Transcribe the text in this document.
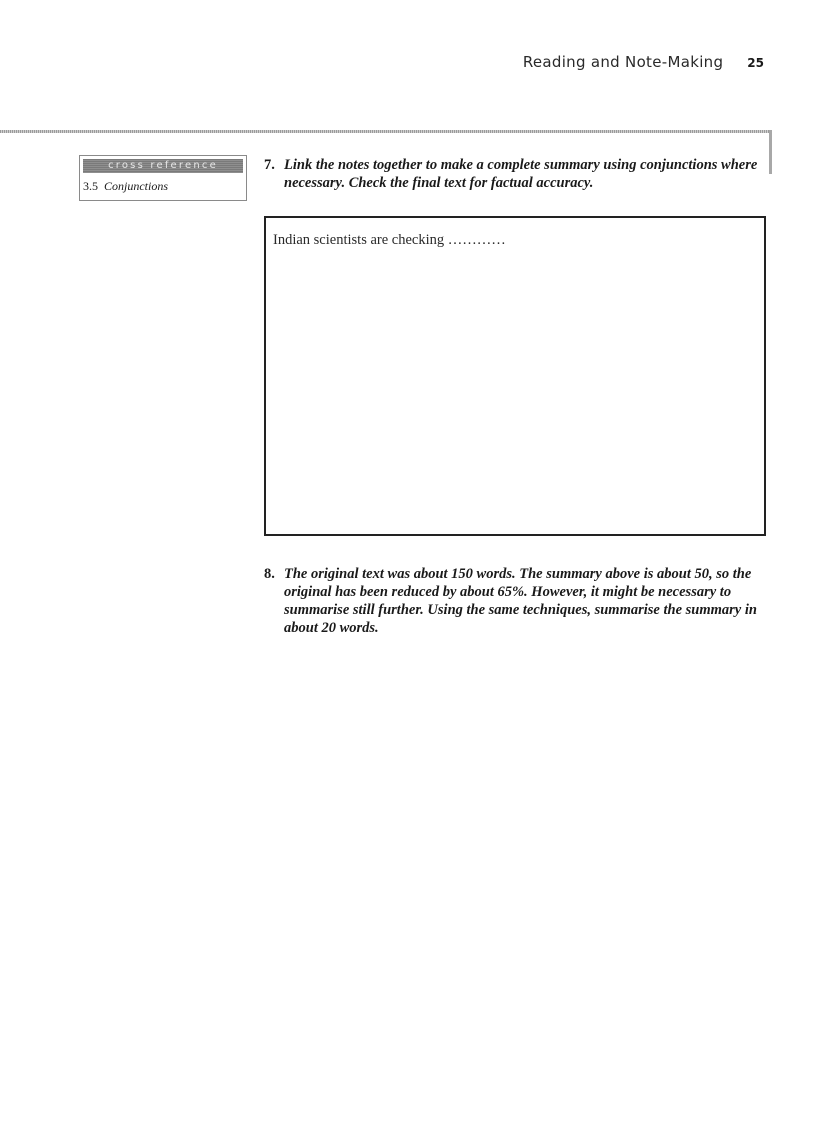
Reading and Note-Making 25
cross reference
3.5 Conjunctions
7. Link the notes together to make a complete summary using conjunctions where necessary. Check the final text for factual accuracy.
Indian scientists are checking …………
8. The original text was about 150 words. The summary above is about 50, so the original has been reduced by about 65%. However, it might be necessary to summarise still further. Using the same techniques, summarise the summary in about 20 words.
